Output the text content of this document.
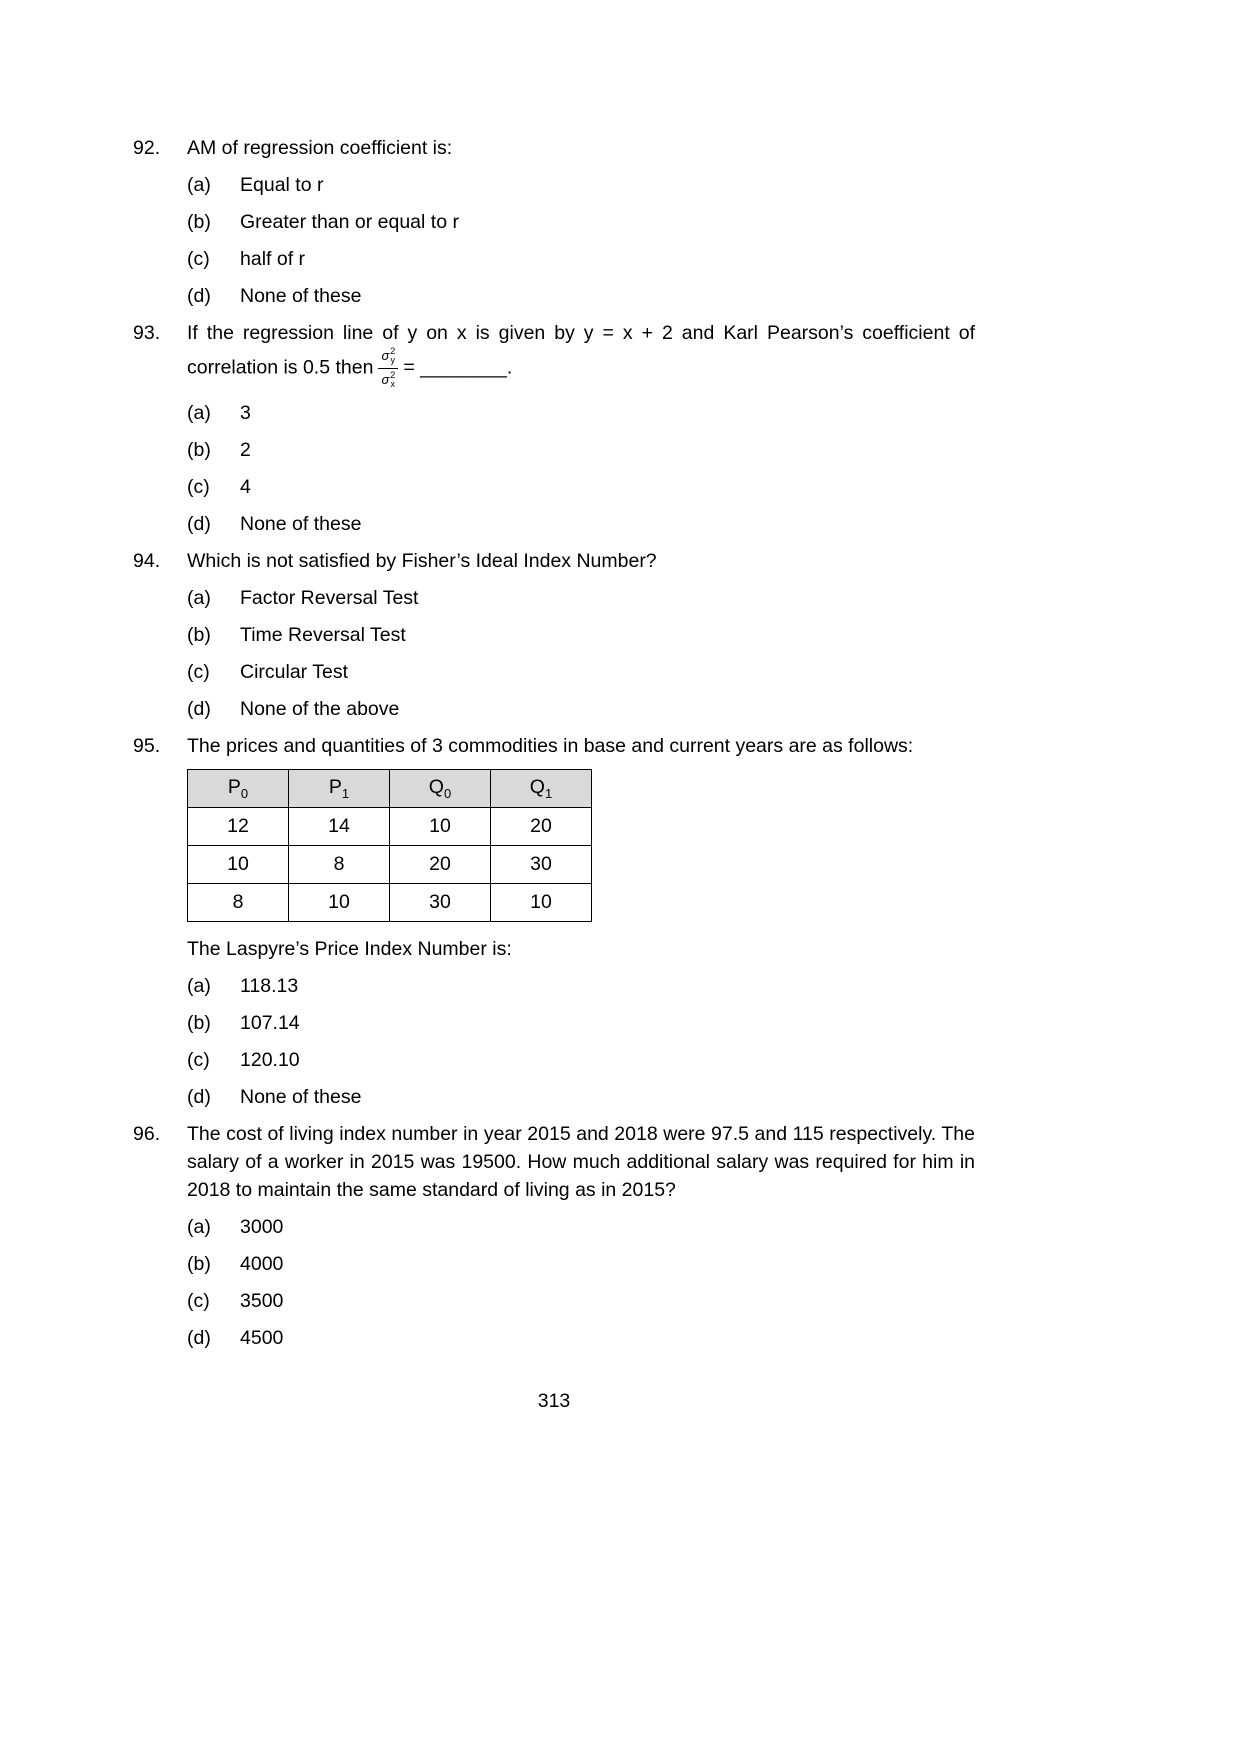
92.	AM of regression coefficient is:
(a)	Equal to r
(b)	Greater than or equal to r
(c)	half of r
(d)	None of these
93.	If the regression line of y on x is given by y = x + 2 and Karl Pearson’s coefficient of correlation is 0.5 then σ 2
y
σ 2
x = ________.
(a)	3
(b)	2
(c)	4
(d)	None of these
94.	Which is not satisfied by Fisher’s Ideal Index Number?
(a)	Factor Reversal Test
(b)	Time Reversal Test
(c)	Circular Test
(d)	None of the above
95.	The prices and quantities of 3 commodities in base and current years are as follows:
$P_0$	$P_1$	$Q_0$	$Q_1$
12	14	10	20
10	8	20	30
8	10	30	10
The Laspyre’s Price Index Number is:
(a)	118.13
(b)	107.14
(c)	120.10
(d)	None of these
96.	The cost of living index number in year 2015 and 2018 were 97.5 and 115 respectively. The salary of a worker in 2015 was 19500. How much additional salary was required for him in 2018 to maintain the same standard of living as in 2015?
(a)	3000
(b)	4000
(c)	3500
(d)	4500
313
